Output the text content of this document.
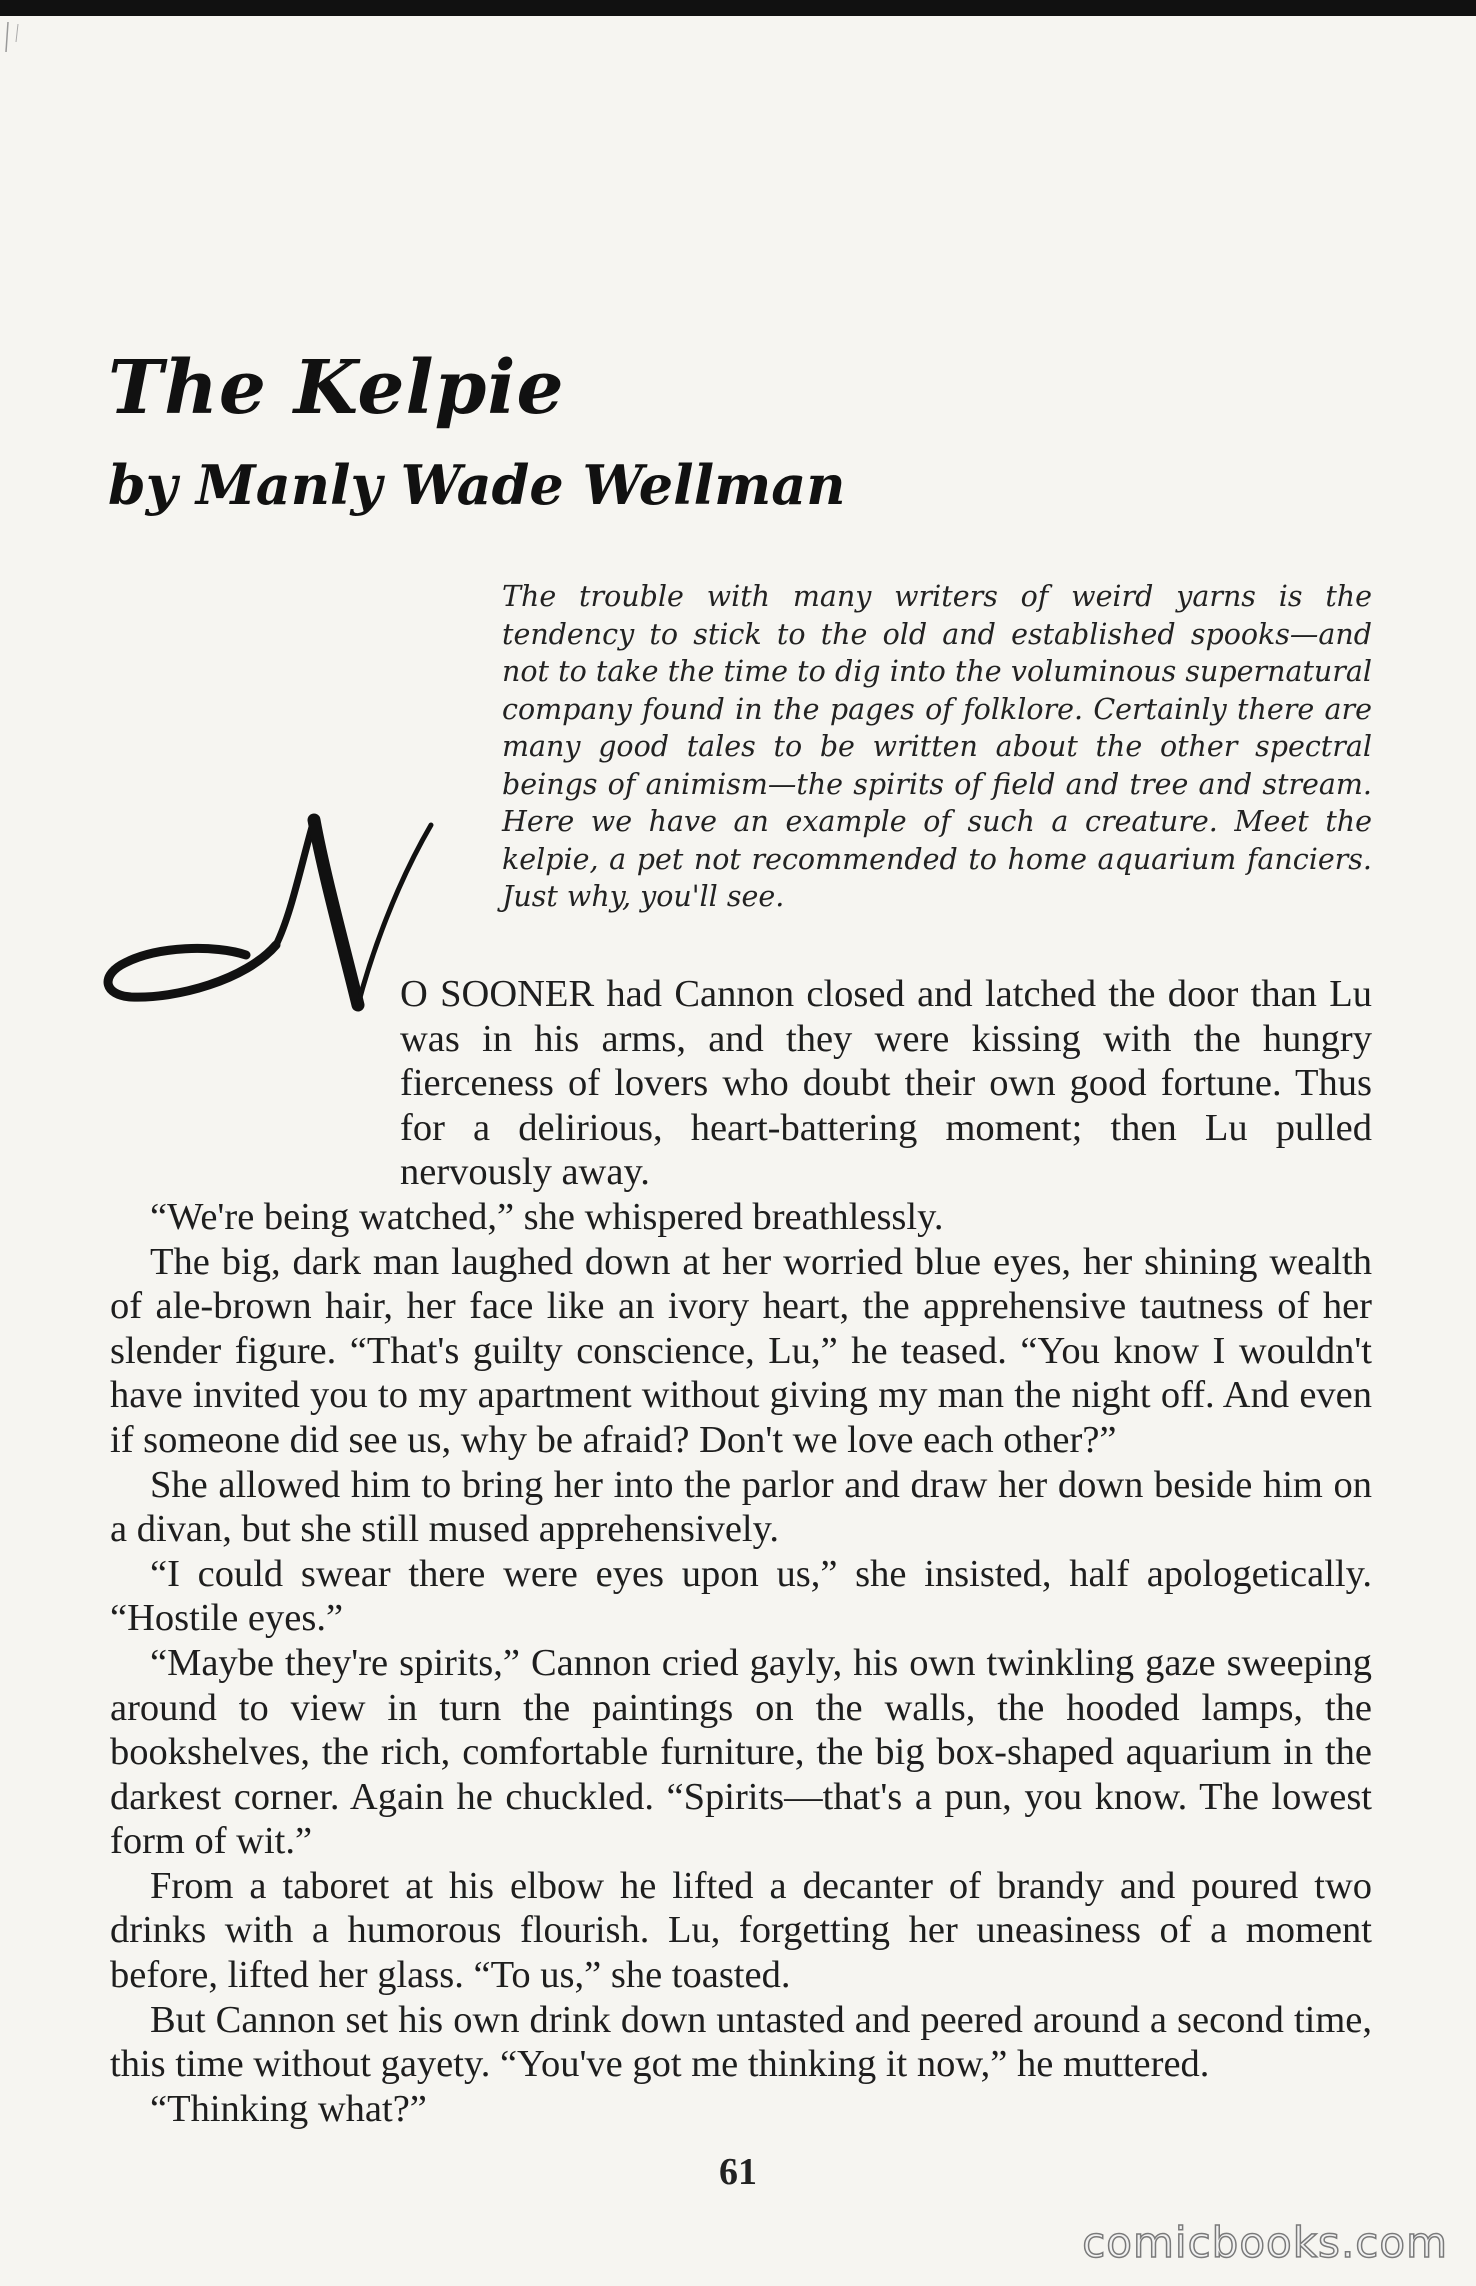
The Kelpie
by Manly Wade Wellman
The trouble with many writers of weird yarns is the tendency to stick to the old and established spooks—and not to take the time to dig into the voluminous supernatural company found in the pages of folklore. Certainly there are many good tales to be written about the other spectral beings of animism—the spirits of field and tree and stream. Here we have an example of such a creature. Meet the kelpie, a pet not recommended to home aquarium fanciers. Just why, you'll see.

O SOONER had Cannon closed and latched the door than Lu was in his arms, and they were kissing with the hungry fierceness of lovers who doubt their own good fortune. Thus for a delirious, heart-battering moment; then Lu pulled nervously away.

“We're being watched,” she whispered breathlessly.

The big, dark man laughed down at her worried blue eyes, her shining wealth of ale-brown hair, her face like an ivory heart, the apprehensive tautness of her slender figure. “That's guilty conscience, Lu,” he teased. “You know I wouldn't have invited you to my apartment without giving my man the night off. And even if someone did see us, why be afraid? Don't we love each other?”

She allowed him to bring her into the parlor and draw her down beside him on a divan, but she still mused apprehensively.

“I could swear there were eyes upon us,” she insisted, half apologetically. “Hostile eyes.”

“Maybe they're spirits,” Cannon cried gayly, his own twinkling gaze sweeping around to view in turn the paintings on the walls, the hooded lamps, the bookshelves, the rich, comfortable furniture, the big box-shaped aquarium in the darkest corner. Again he chuckled. “Spirits—that's a pun, you know. The lowest form of wit.”

From a taboret at his elbow he lifted a decanter of brandy and poured two drinks with a humorous flourish. Lu, forgetting her uneasiness of a moment before, lifted her glass. “To us,” she toasted.

But Cannon set his own drink down untasted and peered around a second time, this time without gayety. “You've got me thinking it now,” he muttered.

“Thinking what?”

61
comicbooks.com
